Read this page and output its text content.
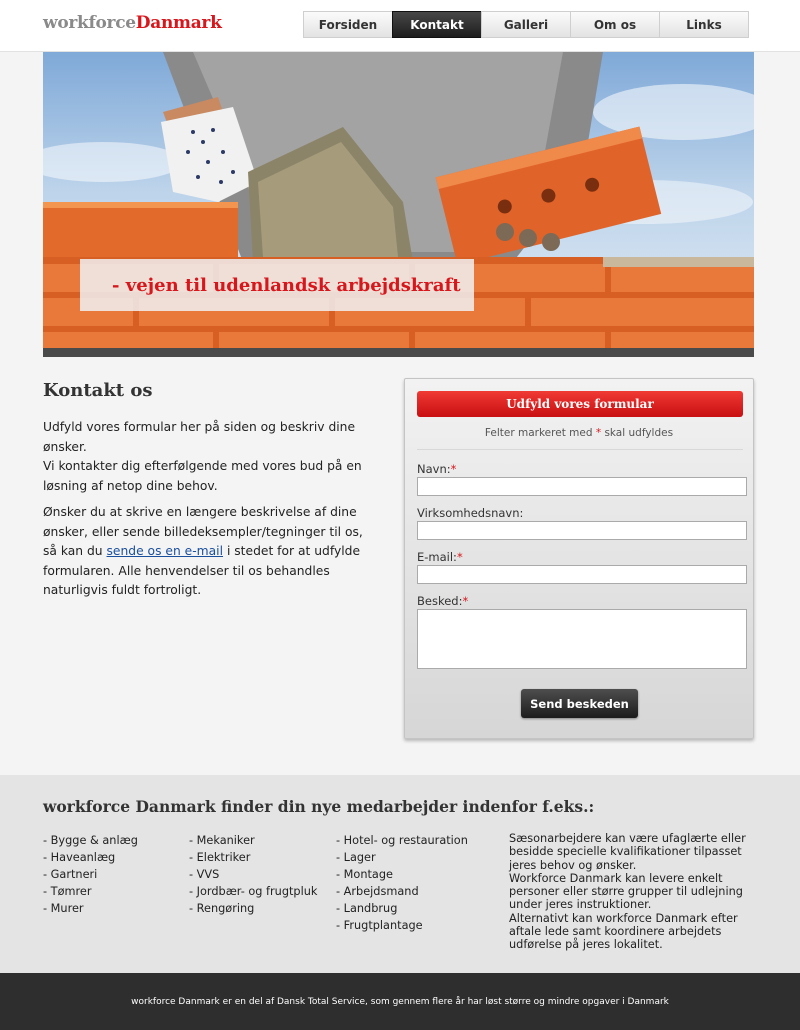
workforceDanmark	Forsiden	Kontakt	Galleri	Om os	Links
- vejen til udenlandsk arbejdskraft
Kontakt os

Udfyld vores formular her på siden og beskriv dine ønsker.
Vi kontakter dig efterfølgende med vores bud på en løsning af netop dine behov.

Ønsker du at skrive en længere beskrivelse af dine ønsker, eller sende billedeksempler/tegninger til os, så kan du sende os en e-mail i stedet for at udfylde formularen. Alle henvendelser til os behandles naturligvis fuldt fortroligt.

Udfyld vores formular
Felter markeret med * skal udfyldes
Navn:*
Virksomhedsnavn:
E-mail:*
Besked:*
Send beskeden
workforce Danmark finder din nye medarbejder indenfor f.eks.:
- Bygge & anlæg
- Haveanlæg
- Gartneri
- Tømrer
- Murer
- Mekaniker
- Elektriker
- VVS
- Jordbær- og frugtpluk
- Rengøring
- Hotel- og restauration
- Lager
- Montage
- Arbejdsmand
- Landbrug
- Frugtplantage
Sæsonarbejdere kan være ufaglærte eller besidde specielle kvalifikationer tilpasset jeres behov og ønsker.
Workforce Danmark kan levere enkelt personer eller større grupper til udlejning under jeres instruktioner.
Alternativt kan workforce Danmark efter aftale lede samt koordinere arbejdets udførelse på jeres lokalitet.
workforce Danmark er en del af Dansk Total Service, som gennem flere år har løst større og mindre opgaver i Danmark
